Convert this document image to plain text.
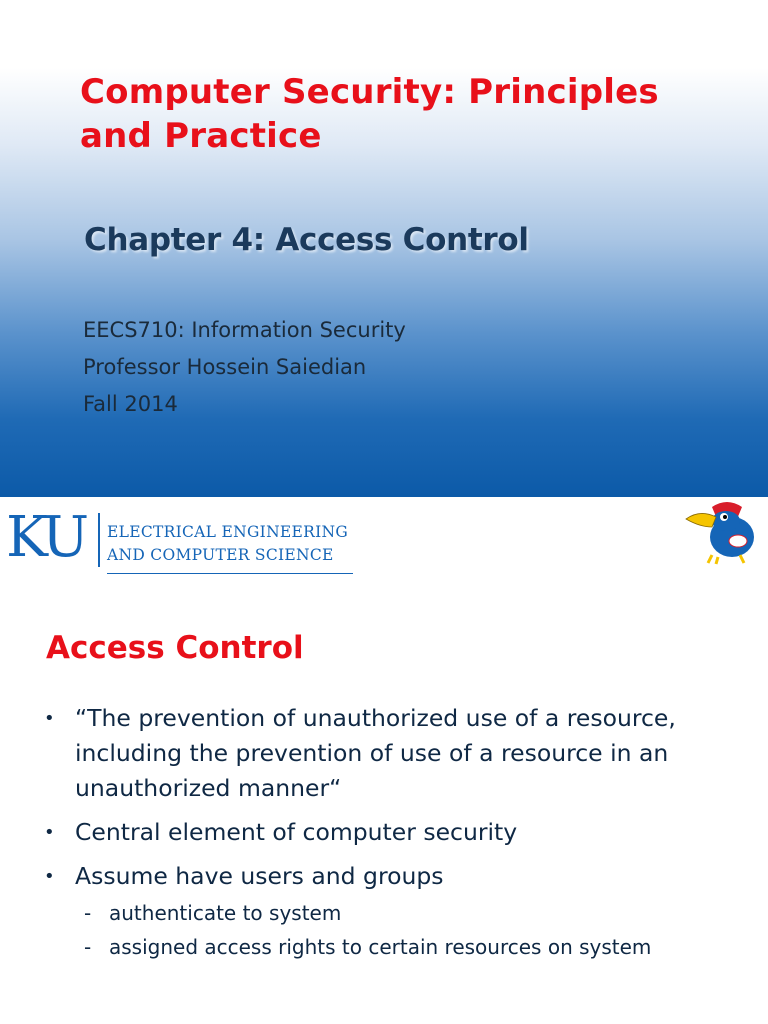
Computer Security: Principles and Practice
Chapter 4: Access Control
EECS710: Information Security
Professor Hossein Saiedian
Fall 2014
KU ELECTRICAL ENGINEERING
AND COMPUTER SCIENCE
Access Control
• “The prevention of unauthorized use of a resource, including the prevention of use of a resource in an unauthorized manner“
• Central element of computer security
• Assume have users and groups
- authenticate to system
- assigned access rights to certain resources on system
